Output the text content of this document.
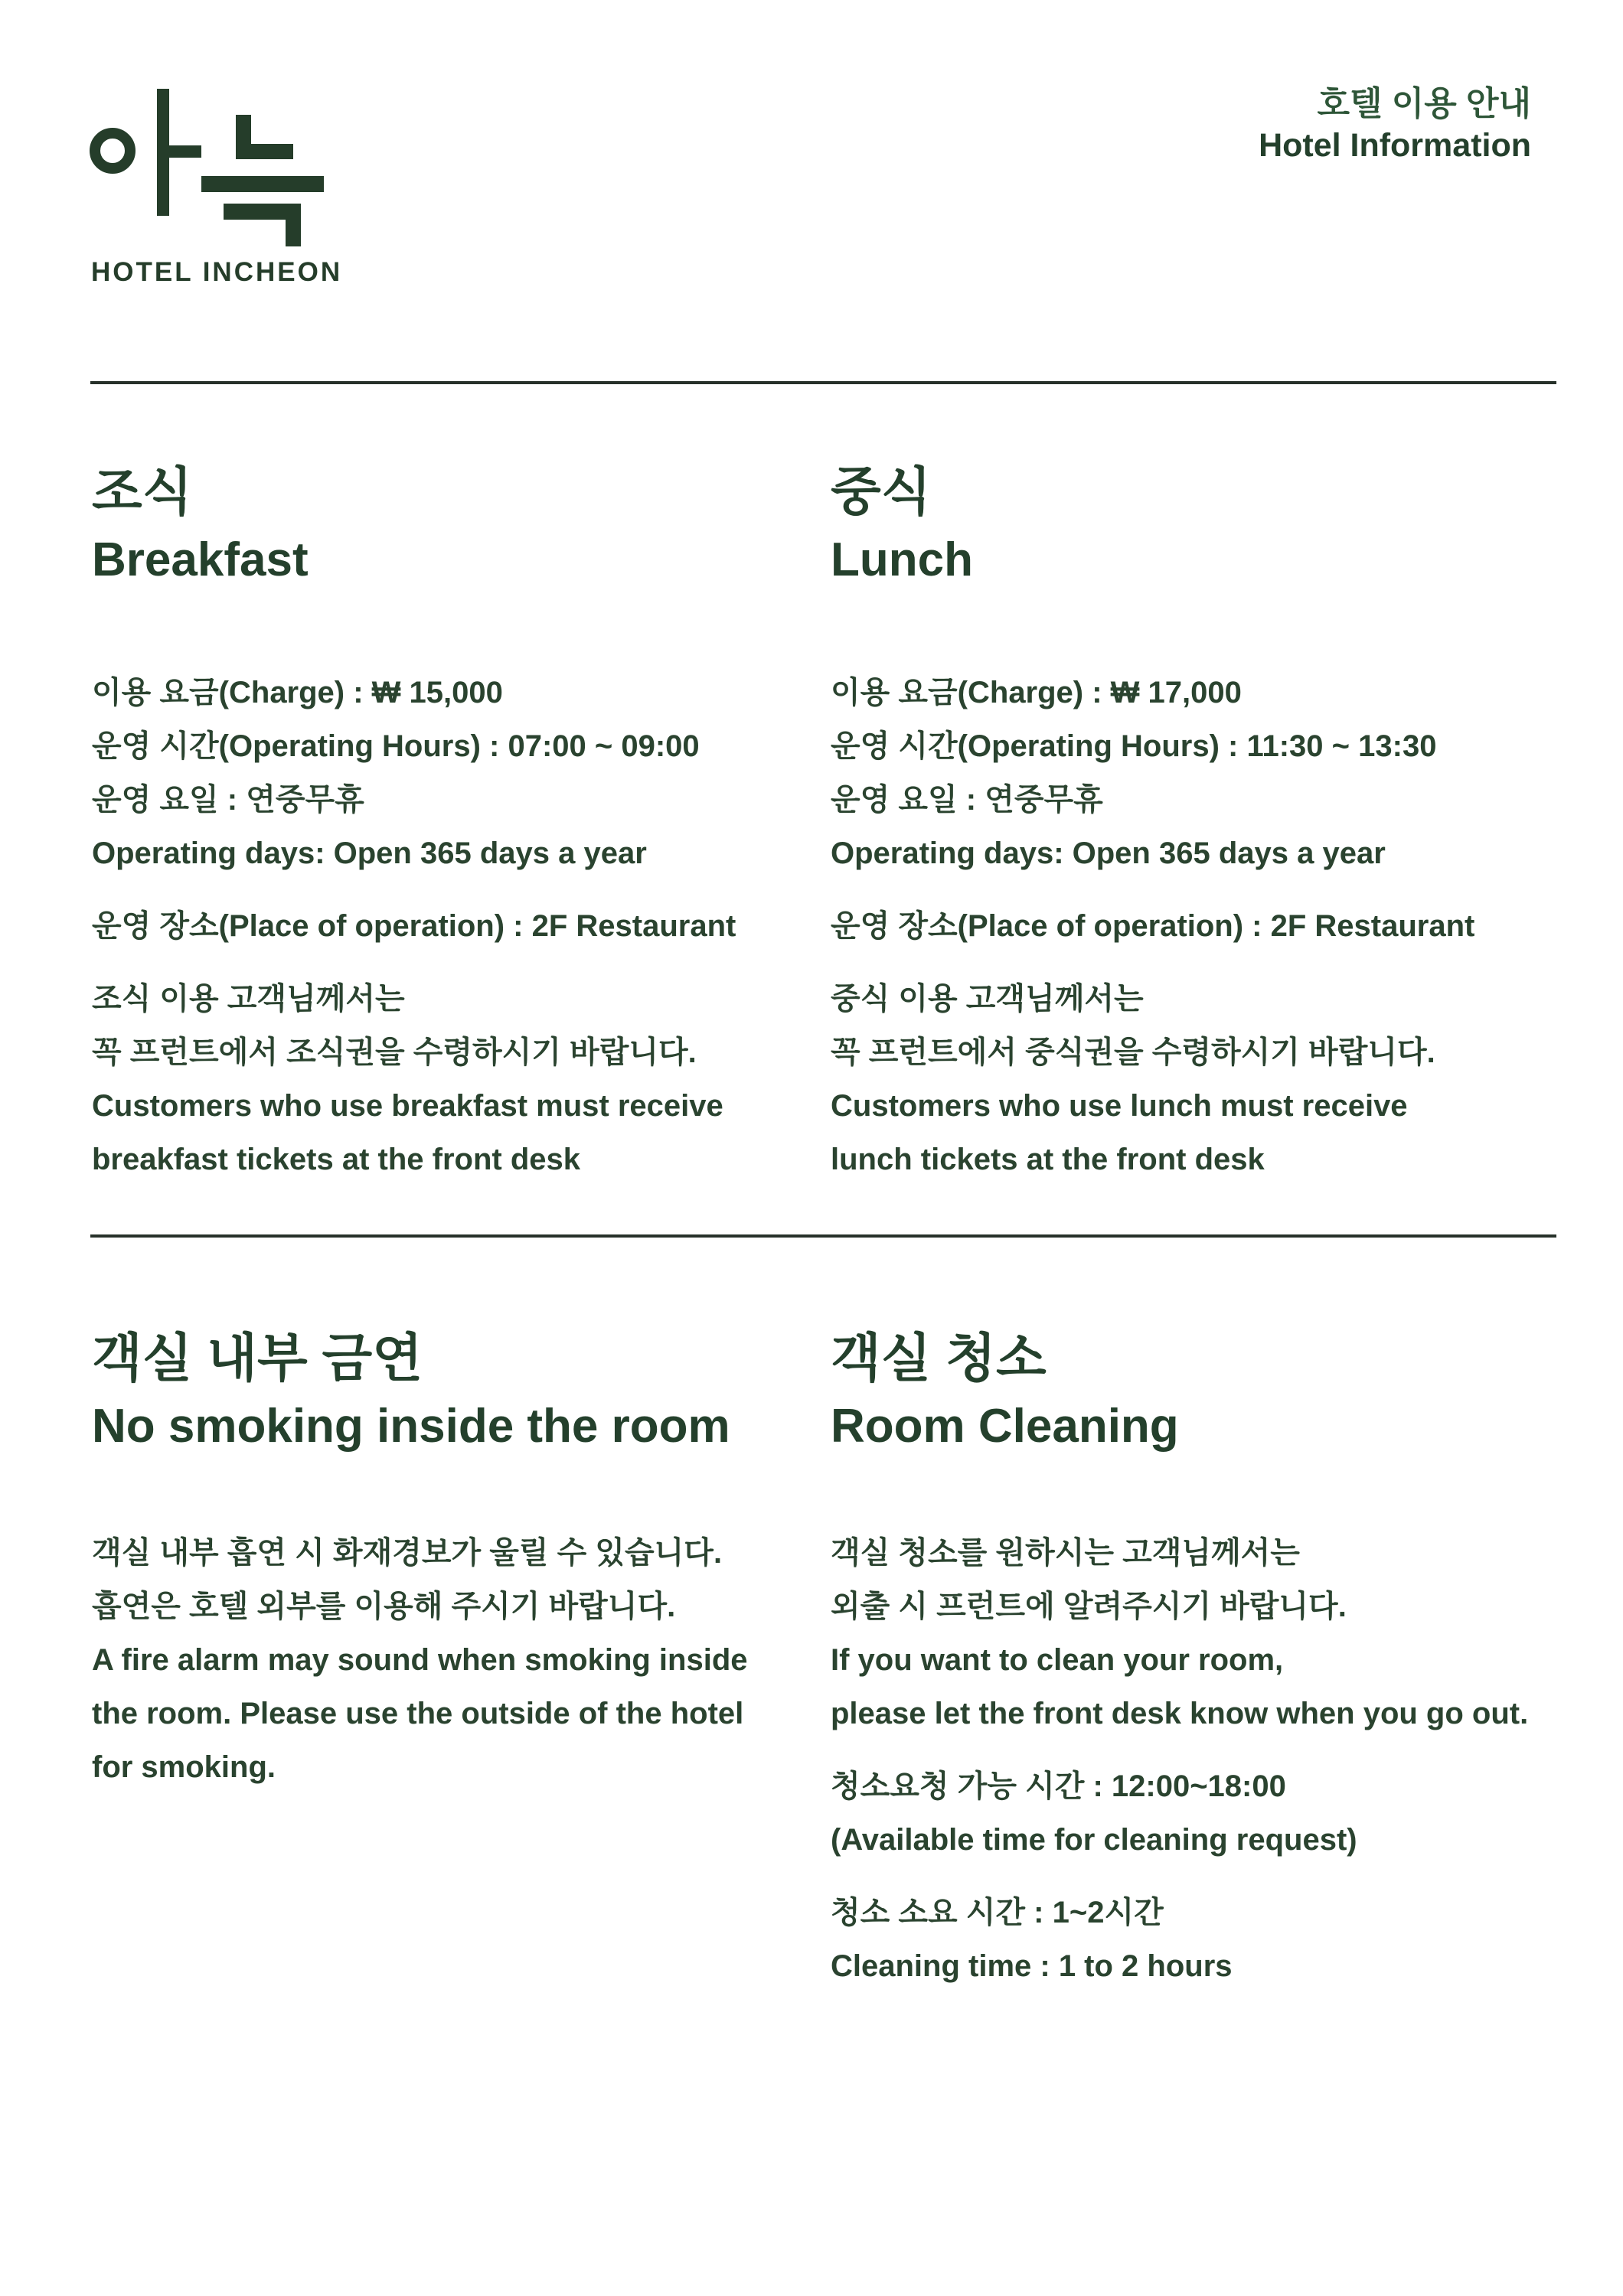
HOTEL INCHEON

호텔 이용 안내

Hotel Information

조식
Breakfast

이용 요금(Charge) : ₩ 15,000

운영 시간(Operating Hours) : 07:00 ~ 09:00

운영 요일 : 연중무휴

Operating days: Open 365 days a year

운영 장소(Place of operation) : 2F Restaurant

조식 이용 고객님께서는

꼭 프런트에서 조식권을 수령하시기 바랍니다.

Customers who use breakfast must receive

breakfast tickets at the front desk

중식
Lunch

이용 요금(Charge) : ₩ 17,000

운영 시간(Operating Hours) : 11:30 ~ 13:30

운영 요일 : 연중무휴

Operating days: Open 365 days a year

운영 장소(Place of operation) : 2F Restaurant

중식 이용 고객님께서는

꼭 프런트에서 중식권을 수령하시기 바랍니다.

Customers who use lunch must receive

lunch tickets at the front desk

객실 내부 금연
No smoking inside the room

객실 내부 흡연 시 화재경보가 울릴 수 있습니다.

흡연은 호텔 외부를 이용해 주시기 바랍니다.

A fire alarm may sound when smoking inside

the room. Please use the outside of the hotel

for smoking.

객실 청소
Room Cleaning

객실 청소를 원하시는 고객님께서는

외출 시 프런트에 알려주시기 바랍니다.

If you want to clean your room,

please let the front desk know when you go out.

청소요청 가능 시간 : 12:00~18:00

(Available time for cleaning request)

청소 소요 시간 : 1~2시간

Cleaning time : 1 to 2 hours
